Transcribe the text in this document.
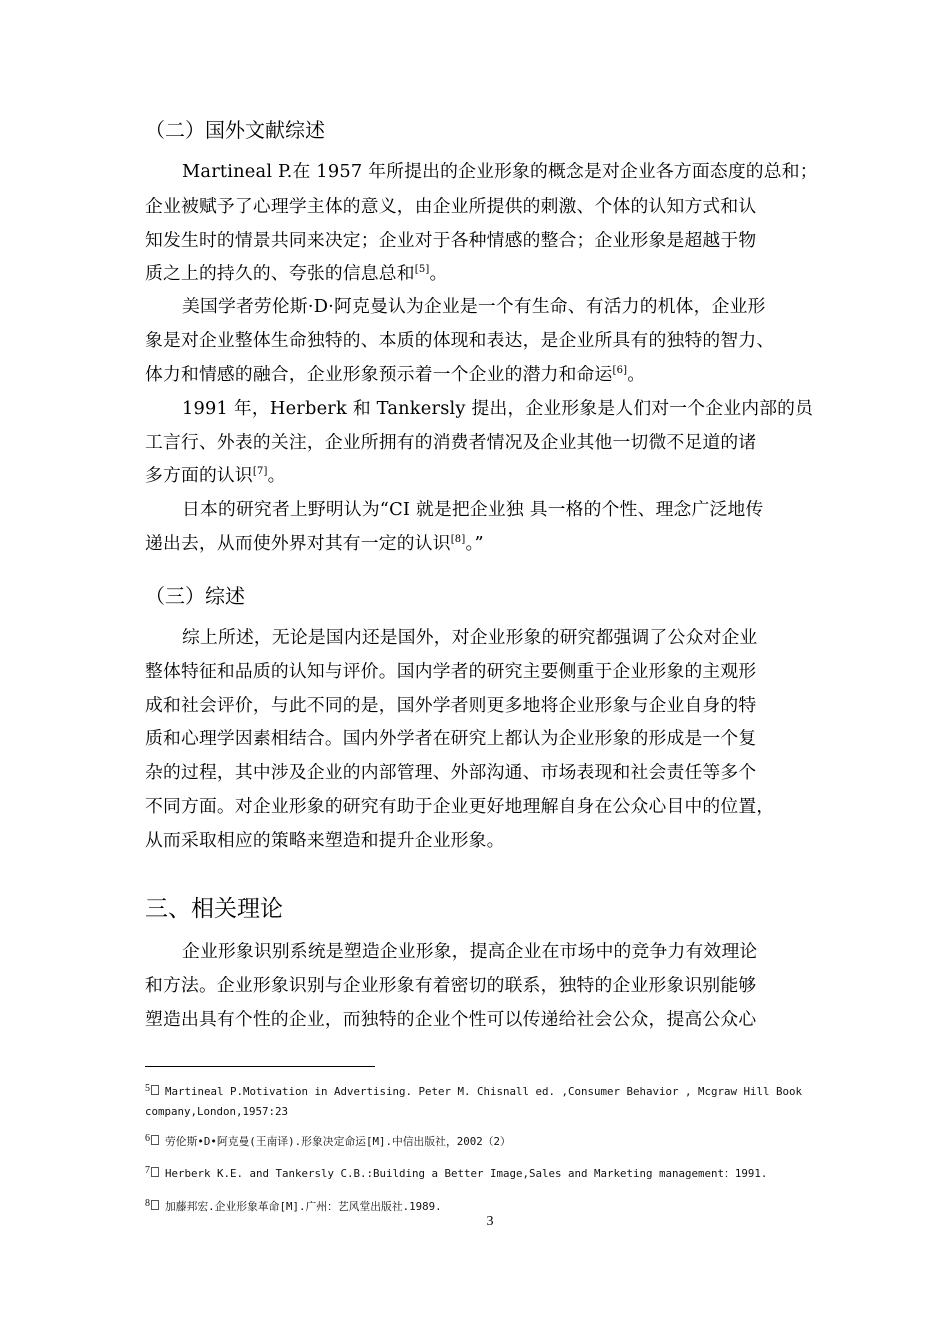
（二）国外文献综述
Martineal P.在 1957 年所提出的企业形象的概念是对企业各方面态度的总和；
企业被赋予了心理学主体的意义，由企业所提供的刺激、个体的认知方式和认
知发生时的情景共同来决定；企业对于各种情感的整合；企业形象是超越于物
质之上的持久的、夸张的信息总和[5]。
美国学者劳伦斯·D·阿克曼认为企业是一个有生命、有活力的机体，企业形
象是对企业整体生命独特的、本质的体现和表达，是企业所具有的独特的智力、
体力和情感的融合，企业形象预示着一个企业的潜力和命运[6]。
1991 年，Herberk 和 Tankersly 提出，企业形象是人们对一个企业内部的员
工言行、外表的关注，企业所拥有的消费者情况及企业其他一切微不足道的诸
多方面的认识[7]。
日本的研究者上野明认为“CI 就是把企业独 具一格的个性、理念广泛地传
递出去，从而使外界对其有一定的认识[8]。”
（三）综述
综上所述，无论是国内还是国外，对企业形象的研究都强调了公众对企业
整体特征和品质的认知与评价。国内学者的研究主要侧重于企业形象的主观形
成和社会评价，与此不同的是，国外学者则更多地将企业形象与企业自身的特
质和心理学因素相结合。国内外学者在研究上都认为企业形象的形成是一个复
杂的过程，其中涉及企业的内部管理、外部沟通、市场表现和社会责任等多个
不同方面。对企业形象的研究有助于企业更好地理解自身在公众心目中的位置，
从而采取相应的策略来塑造和提升企业形象。
三、相关理论
企业形象识别系统是塑造企业形象，提高企业在市场中的竞争力有效理论
和方法。企业形象识别与企业形象有着密切的联系，独特的企业形象识别能够
塑造出具有个性的企业，而独特的企业个性可以传递给社会公众，提高公众心
5 Martineal P.Motivation in Advertising. Peter M. Chisnall ed. ,Consumer Behavior , Mcgraw Hill Book
company,London,1957:23
6 劳伦斯•D•阿克曼(王南译).形象决定命运[M].中信出版社，2002（2）
7 Herberk K.E. and Tankersly C.B.:Building a Better Image,Sales and Marketing management：1991.
8 加藤邦宏.企业形象革命[M].广州：艺风堂出版社.1989.
3
